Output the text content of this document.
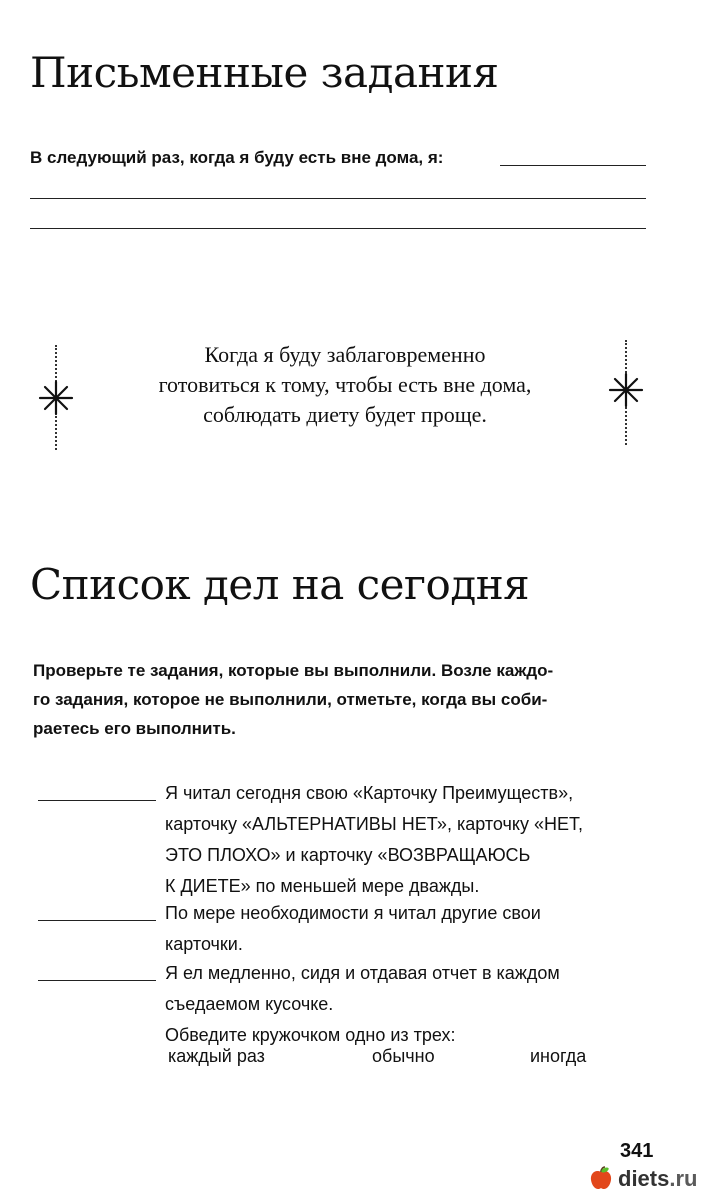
Письменные задания
В следующий раз, когда я буду есть вне дома, я:
Когда я буду заблаговременно
готовиться к тому, чтобы есть вне дома,
соблюдать диету будет проще.
Список дел на сегодня
Проверьте те задания, которые вы выполнили. Возле каждо-
го задания, которое не выполнили, отметьте, когда вы соби-
раетесь его выполнить.
Я читал сегодня свою «Карточку Преимуществ»,
карточку «АЛЬТЕРНАТИВЫ НЕТ», карточку «НЕТ,
ЭТО ПЛОХО» и карточку «ВОЗВРАЩАЮСЬ
К ДИЕТЕ» по меньшей мере дважды.
По мере необходимости я читал другие свои
карточки.
Я ел медленно, сидя и отдавая отчет в каждом
съедаемом кусочке.
Обведите кружочком одно из трех:
каждый раз	обычно	иногда
341
diets.ru
